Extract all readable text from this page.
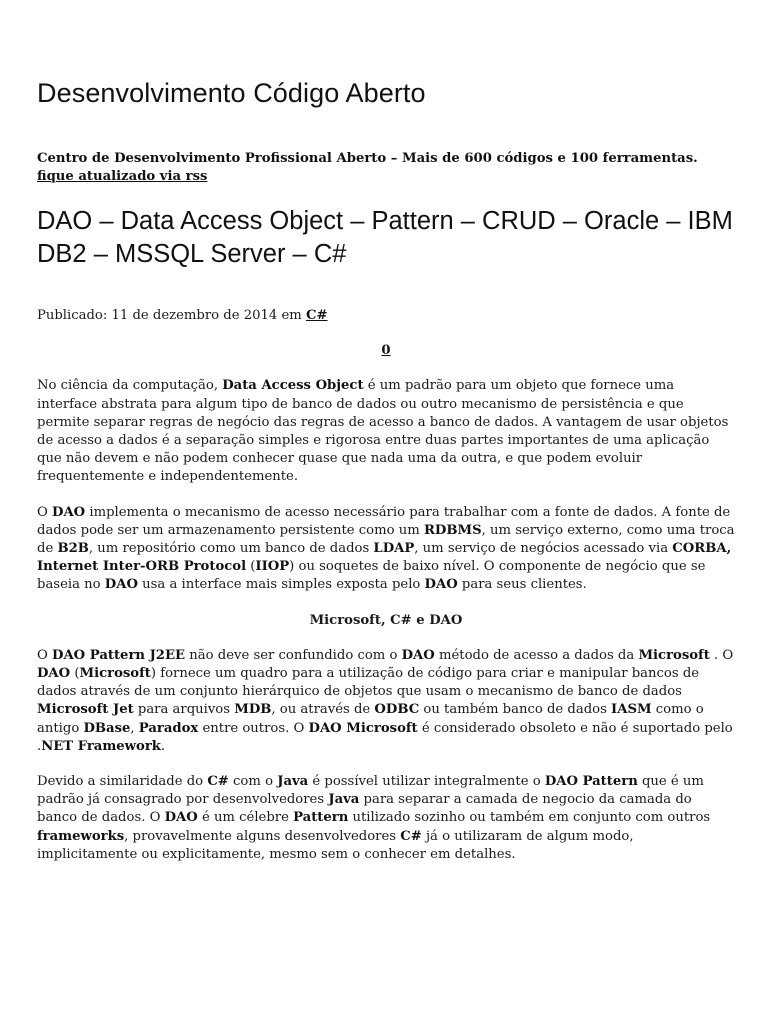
Desenvolvimento Código Aberto
Centro de Desenvolvimento Profissional Aberto – Mais de 600 códigos e 100 ferramentas.
fique atualizado via rss
DAO – Data Access Object – Pattern – CRUD – Oracle – IBM DB2 – MSSQL Server – C#

Publicado: 11 de dezembro de 2014 em C#

0

No ciência da computação, Data Access Object é um padrão para um objeto que fornece uma interface abstrata para algum tipo de banco de dados ou outro mecanismo de persistência e que permite separar regras de negócio das regras de acesso a banco de dados. A vantagem de usar objetos de acesso a dados é a separação simples e rigorosa entre duas partes importantes de uma aplicação que não devem e não podem conhecer quase que nada uma da outra, e que podem evoluir frequentemente e independentemente.

O DAO implementa o mecanismo de acesso necessário para trabalhar com a fonte de dados. A fonte de dados pode ser um armazenamento persistente como um RDBMS, um serviço externo, como uma troca de B2B, um repositório como um banco de dados LDAP, um serviço de negócios acessado via CORBA, Internet Inter-ORB Protocol (IIOP) ou soquetes de baixo nível. O componente de negócio que se baseia no DAO usa a interface mais simples exposta pelo DAO para seus clientes.

Microsoft, C# e DAO

O DAO Pattern J2EE não deve ser confundido com o DAO método de acesso a dados da Microsoft . O DAO (Microsoft) fornece um quadro para a utilização de código para criar e manipular bancos de dados através de um conjunto hierárquico de objetos que usam o mecanismo de banco de dados Microsoft Jet para arquivos MDB, ou através de ODBC ou também banco de dados IASM como o antigo DBase, Paradox entre outros. O DAO Microsoft é considerado obsoleto e não é suportado pelo .NET Framework.

Devido a similaridade do C# com o Java é possível utilizar integralmente o DAO Pattern que é um padrão já consagrado por desenvolvedores Java para separar a camada de negocio da camada do banco de dados. O DAO é um célebre Pattern utilizado sozinho ou também em conjunto com outros frameworks, provavelmente alguns desenvolvedores C# já o utilizaram de algum modo, implicitamente ou explicitamente, mesmo sem o conhecer em detalhes.
